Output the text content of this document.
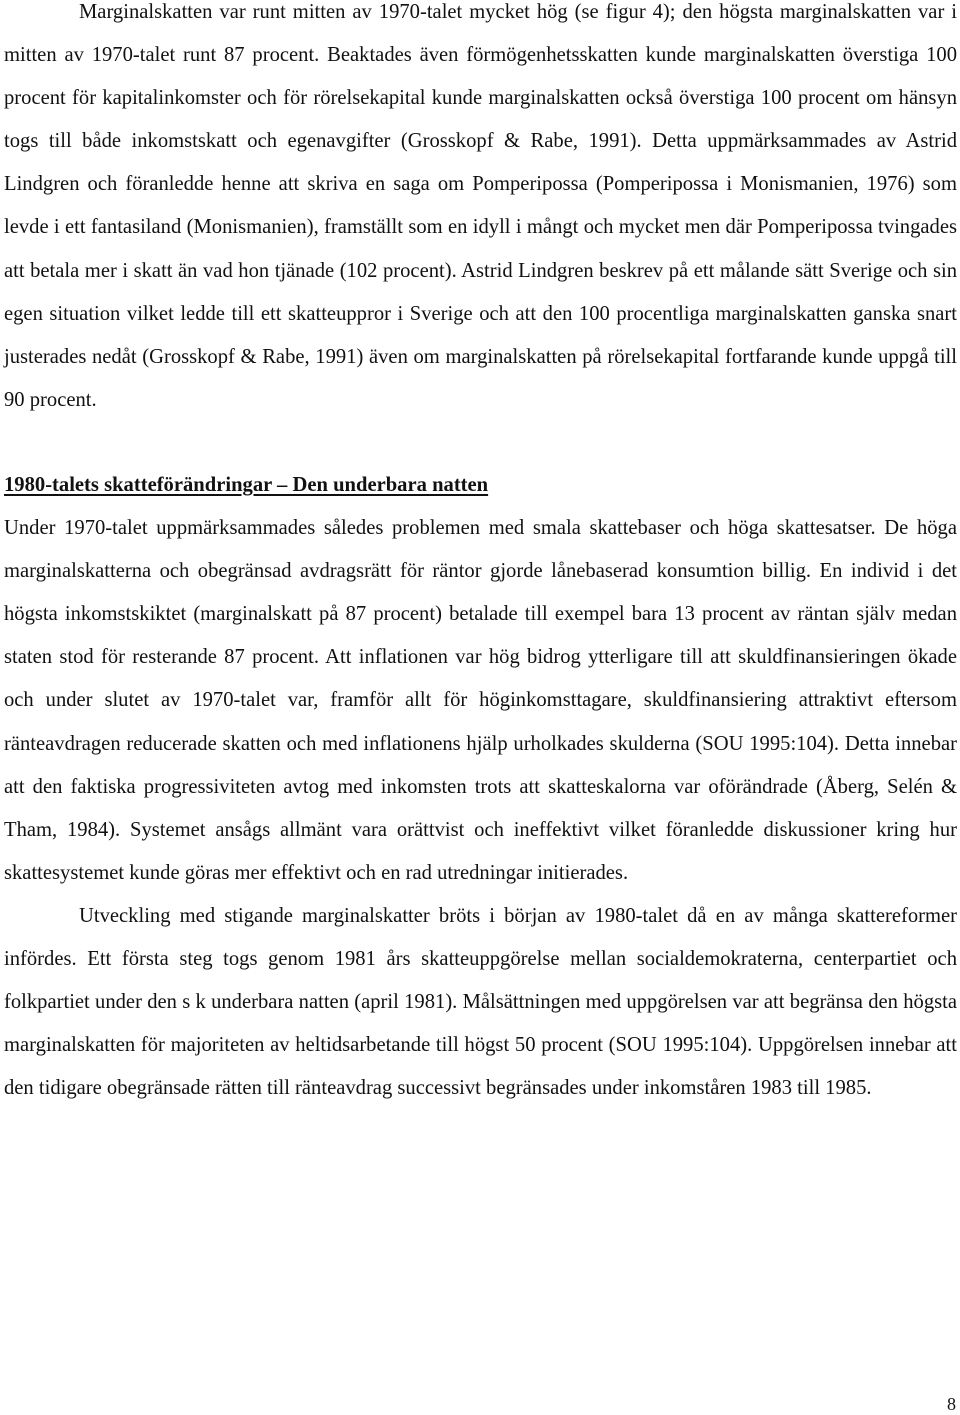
Marginalskatten var runt mitten av 1970-talet mycket hög (se figur 4); den högsta marginalskatten var i mitten av 1970-talet runt 87 procent. Beaktades även förmögenhetsskatten kunde marginalskatten överstiga 100 procent för kapitalinkomster och för rörelsekapital kunde marginalskatten också överstiga 100 procent om hänsyn togs till både inkomstskatt och egenavgifter (Grosskopf & Rabe, 1991). Detta uppmärksammades av Astrid Lindgren och föranledde henne att skriva en saga om Pomperipossa (Pomperipossa i Monismanien, 1976) som levde i ett fantasiland (Monismanien), framställt som en idyll i mångt och mycket men där Pomperipossa tvingades att betala mer i skatt än vad hon tjänade (102 procent). Astrid Lindgren beskrev på ett målande sätt Sverige och sin egen situation vilket ledde till ett skatteuppror i Sverige och att den 100 procentliga marginalskatten ganska snart justerades nedåt (Grosskopf & Rabe, 1991) även om marginalskatten på rörelsekapital fortfarande kunde uppgå till 90 procent.

1980-talets skatteförändringar – Den underbara natten

Under 1970-talet uppmärksammades således problemen med smala skattebaser och höga skattesatser. De höga marginalskatterna och obegränsad avdragsrätt för räntor gjorde lånebaserad konsumtion billig. En individ i det högsta inkomstskiktet (marginalskatt på 87 procent) betalade till exempel bara 13 procent av räntan själv medan staten stod för resterande 87 procent. Att inflationen var hög bidrog ytterligare till att skuldfinansieringen ökade och under slutet av 1970-talet var, framför allt för höginkomsttagare, skuldfinansiering attraktivt eftersom ränteavdragen reducerade skatten och med inflationens hjälp urholkades skulderna (SOU 1995:104). Detta innebar att den faktiska progressiviteten avtog med inkomsten trots att skatteskalorna var oförändrade (Åberg, Selén & Tham, 1984). Systemet ansågs allmänt vara orättvist och ineffektivt vilket föranledde diskussioner kring hur skattesystemet kunde göras mer effektivt och en rad utredningar initierades.

Utveckling med stigande marginalskatter bröts i början av 1980-talet då en av många skattereformer infördes. Ett första steg togs genom 1981 års skatteuppgörelse mellan socialdemokraterna, centerpartiet och folkpartiet under den s k underbara natten (april 1981). Målsättningen med uppgörelsen var att begränsa den högsta marginalskatten för majoriteten av heltidsarbetande till högst 50 procent (SOU 1995:104). Uppgörelsen innebar att den tidigare obegränsade rätten till ränteavdrag successivt begränsades under inkomståren 1983 till 1985.

8
